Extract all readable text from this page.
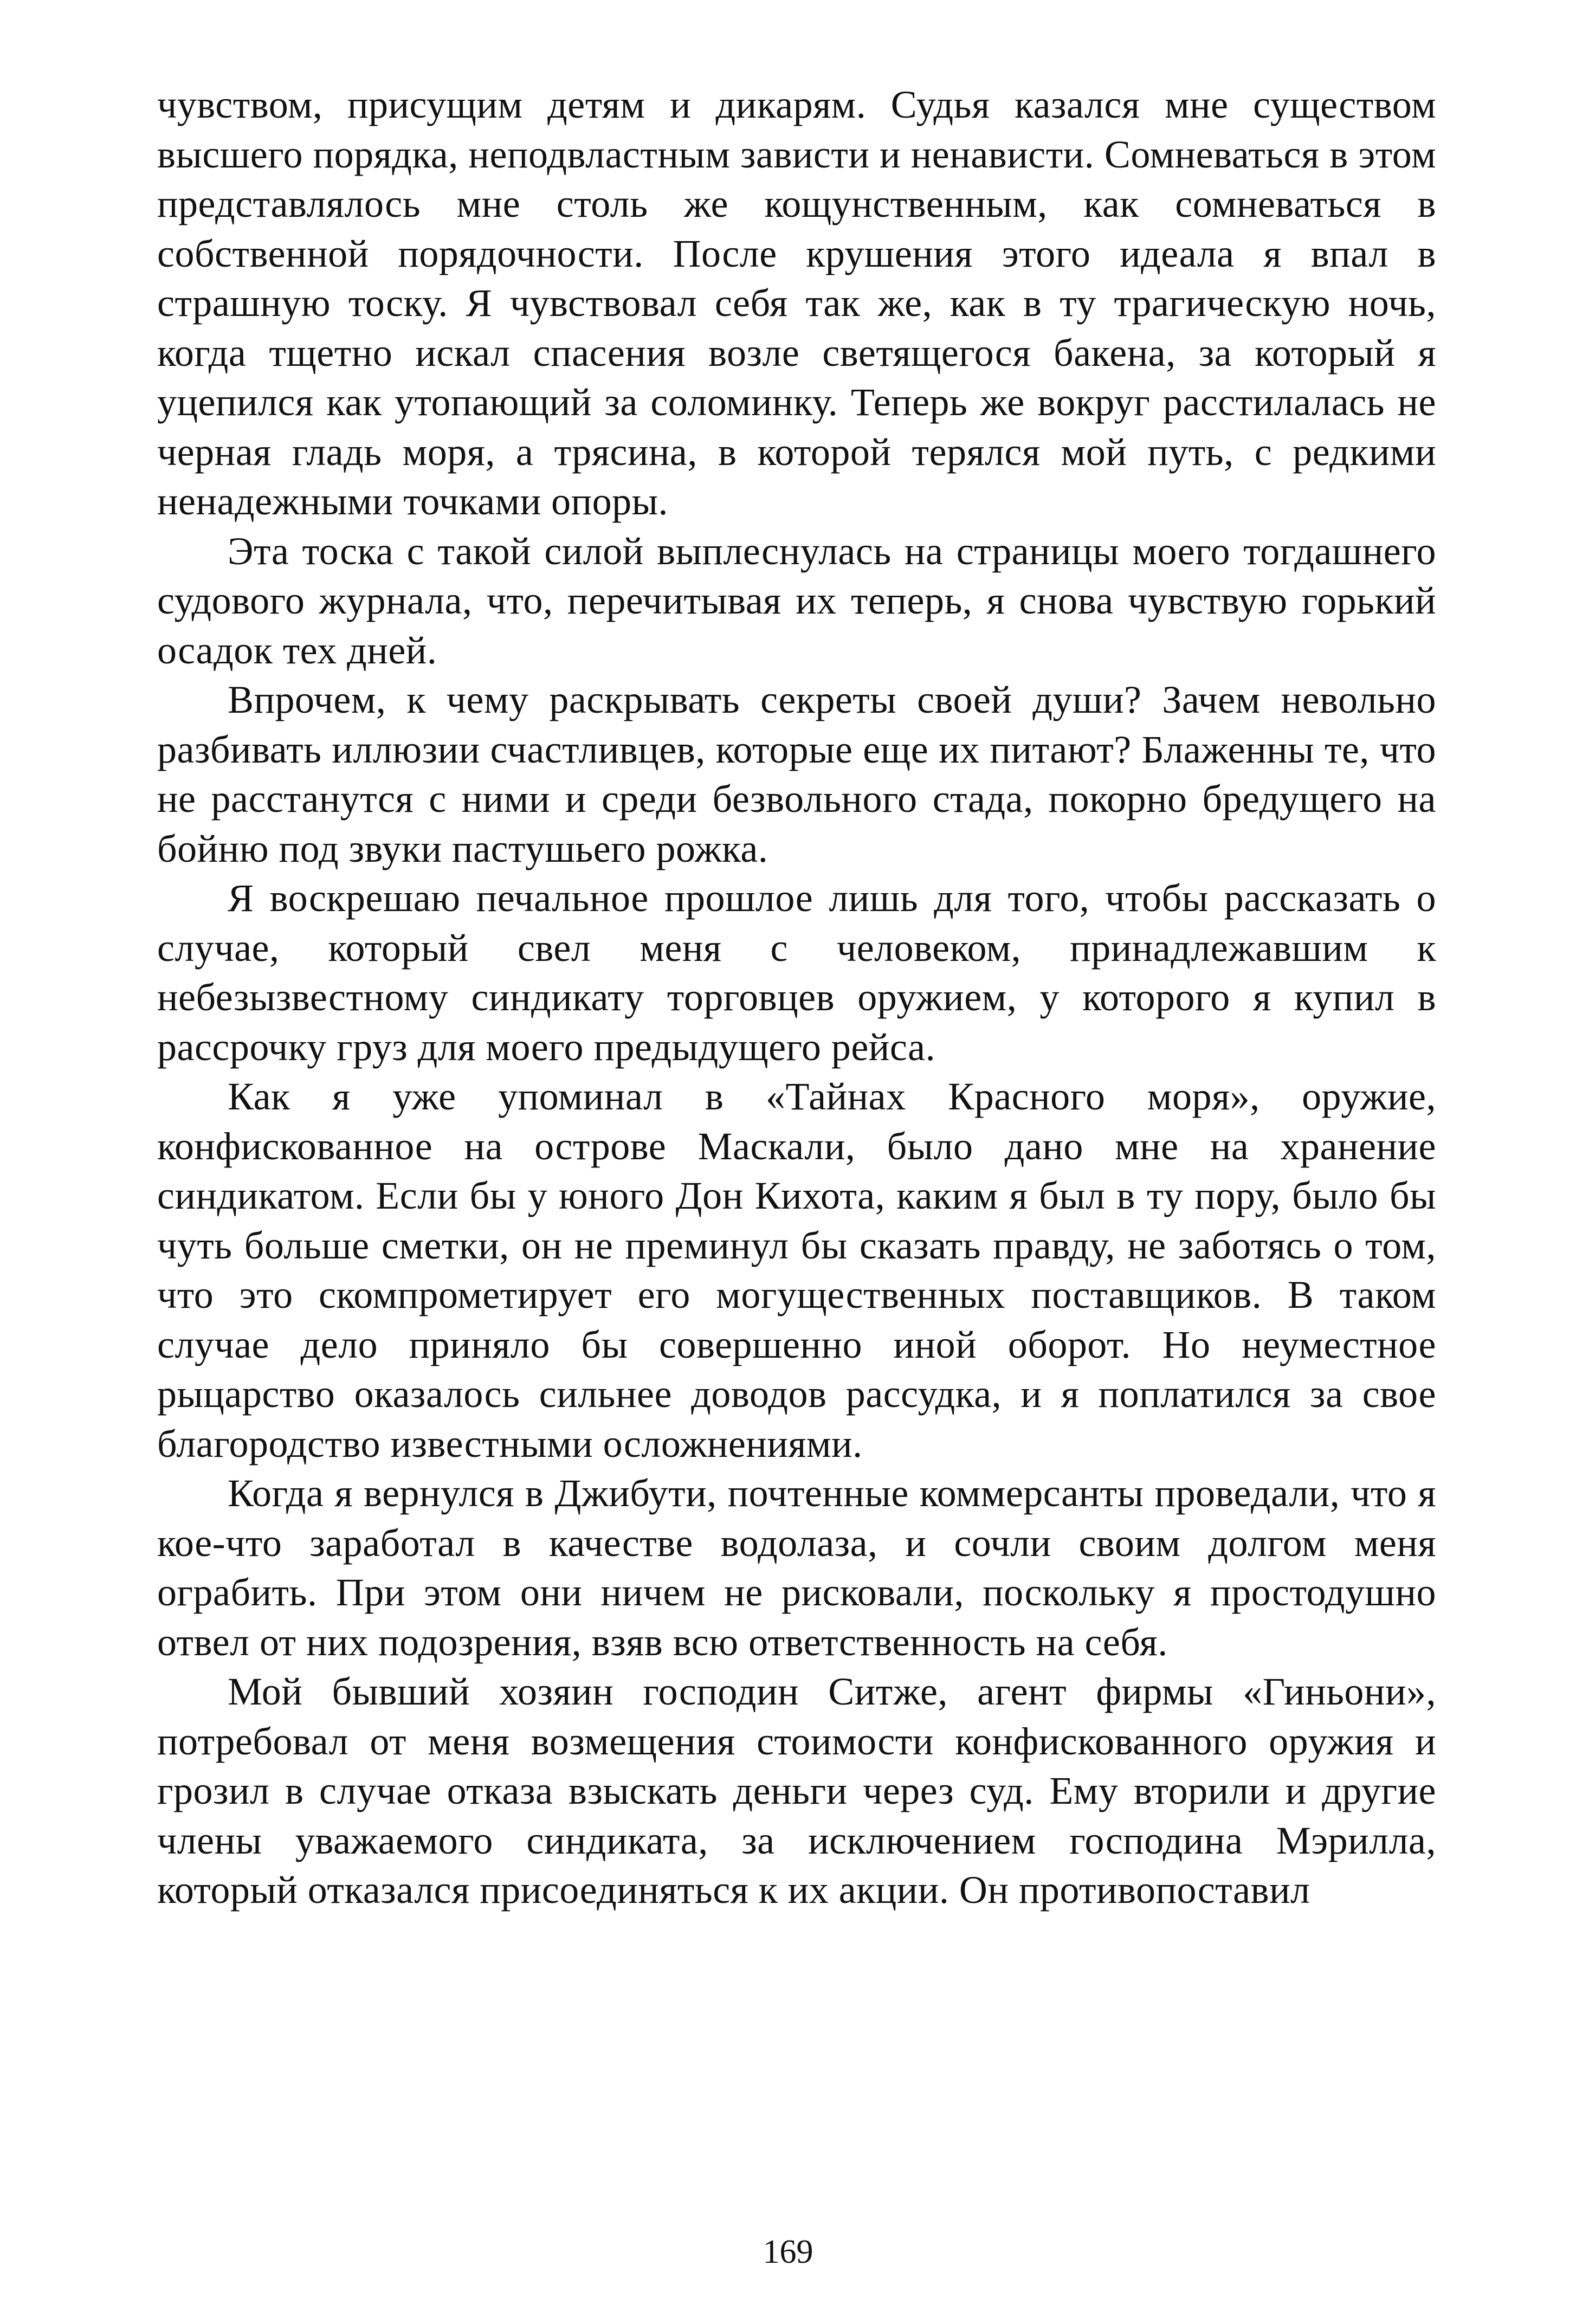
чувством, присущим детям и дикарям. Судья казался мне существом высшего порядка, неподвластным зависти и ненависти. Сомневаться в этом представлялось мне столь же кощунственным, как сомневаться в собственной порядочности. После крушения этого идеала я впал в страшную тоску. Я чувствовал себя так же, как в ту трагическую ночь, когда тщетно искал спасения возле светящегося бакена, за который я уцепился как утопающий за соломинку. Теперь же вокруг расстилалась не черная гладь моря, а трясина, в которой терялся мой путь, с редкими ненадежными точками опоры.

Эта тоска с такой силой выплеснулась на страницы моего тогдашнего судового журнала, что, перечитывая их теперь, я снова чувствую горький осадок тех дней.

Впрочем, к чему раскрывать секреты своей души? Зачем невольно разбивать иллюзии счастливцев, которые еще их питают? Блаженны те, что не расстанутся с ними и среди безвольного стада, покорно бредущего на бойню под звуки пастушьего рожка.

Я воскрешаю печальное прошлое лишь для того, чтобы рассказать о случае, который свел меня с человеком, принадлежавшим к небезызвестному синдикату торговцев оружием, у которого я купил в рассрочку груз для моего предыдущего рейса.

Как я уже упоминал в «Тайнах Красного моря», оружие, конфискованное на острове Маскали, было дано мне на хранение синдикатом. Если бы у юного Дон Кихота, каким я был в ту пору, было бы чуть больше сметки, он не преминул бы сказать правду, не заботясь о том, что это скомпрометирует его могущественных поставщиков. В таком случае дело приняло бы совершенно иной оборот. Но неуместное рыцарство оказалось сильнее доводов рассудка, и я поплатился за свое благородство известными осложнениями.

Когда я вернулся в Джибути, почтенные коммерсанты проведали, что я кое-что заработал в качестве водолаза, и сочли своим долгом меня ограбить. При этом они ничем не рисковали, поскольку я простодушно отвел от них подозрения, взяв всю ответственность на себя.

Мой бывший хозяин господин Ситже, агент фирмы «Гиньони», потребовал от меня возмещения стоимости конфискованного оружия и грозил в случае отказа взыскать деньги через суд. Ему вторили и другие члены уважаемого синдиката, за исключением господина Мэрилла, который отказался присоединяться к их акции. Он противопоставил

169
